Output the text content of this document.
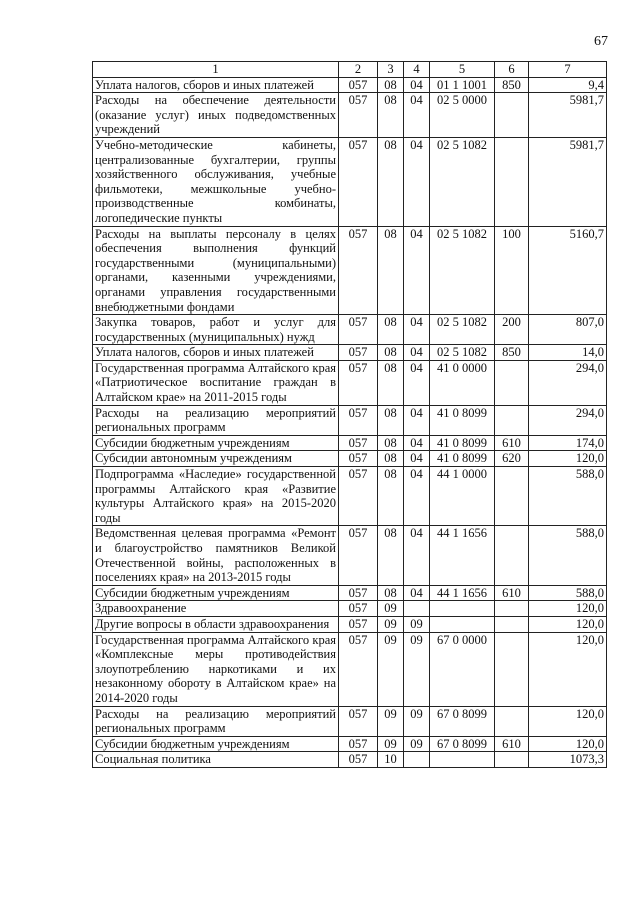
67
1	2	3	4	5	6	7
Уплата налогов, сборов и иных платежей	057	08	04	01 1 1001	850	9,4
Расходы на обеспечение деятельности (оказание услуг) иных подведомственных учреждений	057	08	04	02 5 0000		5981,7
Учебно-методические кабинеты, централизованные бухгалтерии, группы хозяйственного обслуживания, учебные фильмотеки, межшкольные учебно-производственные комбинаты, логопедические пункты	057	08	04	02 5 1082		5981,7
Расходы на выплаты персоналу в целях обеспечения выполнения функций государственными (муниципальными) органами, казенными учреждениями, органами управления государственными внебюджетными фондами	057	08	04	02 5 1082	100	5160,7
Закупка товаров, работ и услуг для государственных (муниципальных) нужд	057	08	04	02 5 1082	200	807,0
Уплата налогов, сборов и иных платежей	057	08	04	02 5 1082	850	14,0
Государственная программа Алтайского края «Патриотическое воспитание граждан в Алтайском крае» на 2011-2015 годы	057	08	04	41 0 0000		294,0
Расходы на реализацию мероприятий региональных программ	057	08	04	41 0 8099		294,0
Субсидии бюджетным учреждениям	057	08	04	41 0 8099	610	174,0
Субсидии автономным учреждениям	057	08	04	41 0 8099	620	120,0
Подпрограмма «Наследие» государственной программы Алтайского края «Развитие культуры Алтайского края» на 2015-2020 годы	057	08	04	44 1 0000		588,0
Ведомственная целевая программа «Ремонт и благоустройство памятников Великой Отечественной войны, расположенных в поселениях края» на 2013-2015 годы	057	08	04	44 1 1656		588,0
Субсидии бюджетным учреждениям	057	08	04	44 1 1656	610	588,0
Здравоохранение	057	09				120,0
Другие вопросы в области здравоохранения	057	09	09			120,0
Государственная программа Алтайского края «Комплексные меры противодействия злоупотреблению наркотиками и их незаконному обороту в Алтайском крае» на 2014-2020 годы	057	09	09	67 0 0000		120,0
Расходы на реализацию мероприятий региональных программ	057	09	09	67 0 8099		120,0
Субсидии бюджетным учреждениям	057	09	09	67 0 8099	610	120,0
Социальная политика	057	10				1073,3
